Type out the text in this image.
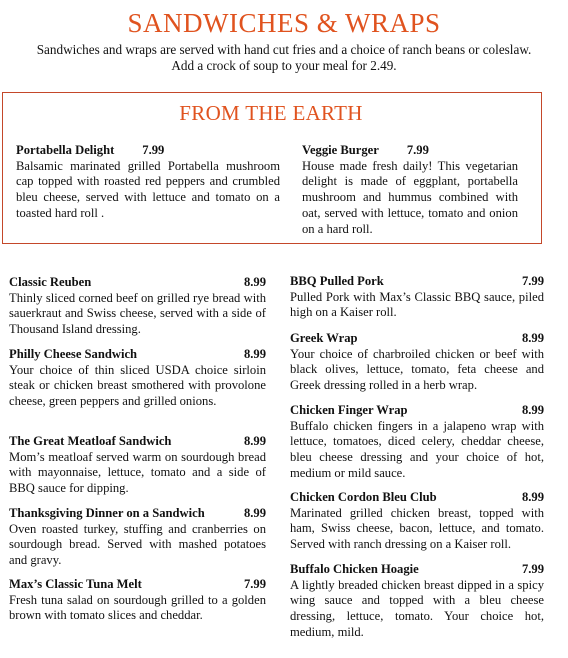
SANDWICHES & WRAPS
Sandwiches and wraps are served with hand cut fries and a choice of ranch beans or coleslaw.
Add a crock of soup to your meal for 2.49.
FROM THE EARTH
Portabella Delight 7.99
Balsamic marinated grilled Portabella mushroom cap topped with roasted red peppers and crumbled bleu cheese, served with lettuce and tomato on a toasted hard roll .
Veggie Burger 7.99
House made fresh daily! This vegetarian delight is made of eggplant, portabella mushroom and hummus combined with oat, served with lettuce, tomato and onion on a hard roll.
Classic Reuben	8.99
Thinly sliced corned beef on grilled rye bread with sauerkraut and Swiss cheese, served with a side of Thousand Island dressing.
Philly Cheese Sandwich	8.99
Your choice of thin sliced USDA choice sirloin steak or chicken breast smothered with provolone cheese, green peppers and grilled onions.
The Great Meatloaf Sandwich	8.99
Mom’s meatloaf served warm on sourdough bread with mayonnaise, lettuce, tomato and a side of BBQ sauce for dipping.
Thanksgiving Dinner on a Sandwich	8.99
Oven roasted turkey, stuffing and cranberries on sourdough bread. Served with mashed potatoes and gravy.
Max’s Classic Tuna Melt	7.99
Fresh tuna salad on sourdough grilled to a golden brown with tomato slices and cheddar.
BBQ Pulled Pork	7.99
Pulled Pork with Max’s Classic BBQ sauce, piled high on a Kaiser roll.
Greek Wrap	8.99
Your choice of charbroiled chicken or beef with black olives, lettuce, tomato, feta cheese and Greek dressing rolled in a herb wrap.
Chicken Finger Wrap	8.99
Buffalo chicken fingers in a jalapeno wrap with lettuce, tomatoes, diced celery, cheddar cheese, bleu cheese dressing and your choice of hot, medium or mild sauce.
Chicken Cordon Bleu Club	8.99
Marinated grilled chicken breast, topped with ham, Swiss cheese, bacon, lettuce, and tomato. Served with ranch dressing on a Kaiser roll.
Buffalo Chicken Hoagie	7.99
A lightly breaded chicken breast dipped in a spicy wing sauce and topped with a bleu cheese dressing, lettuce, tomato. Your choice hot, medium, mild.
